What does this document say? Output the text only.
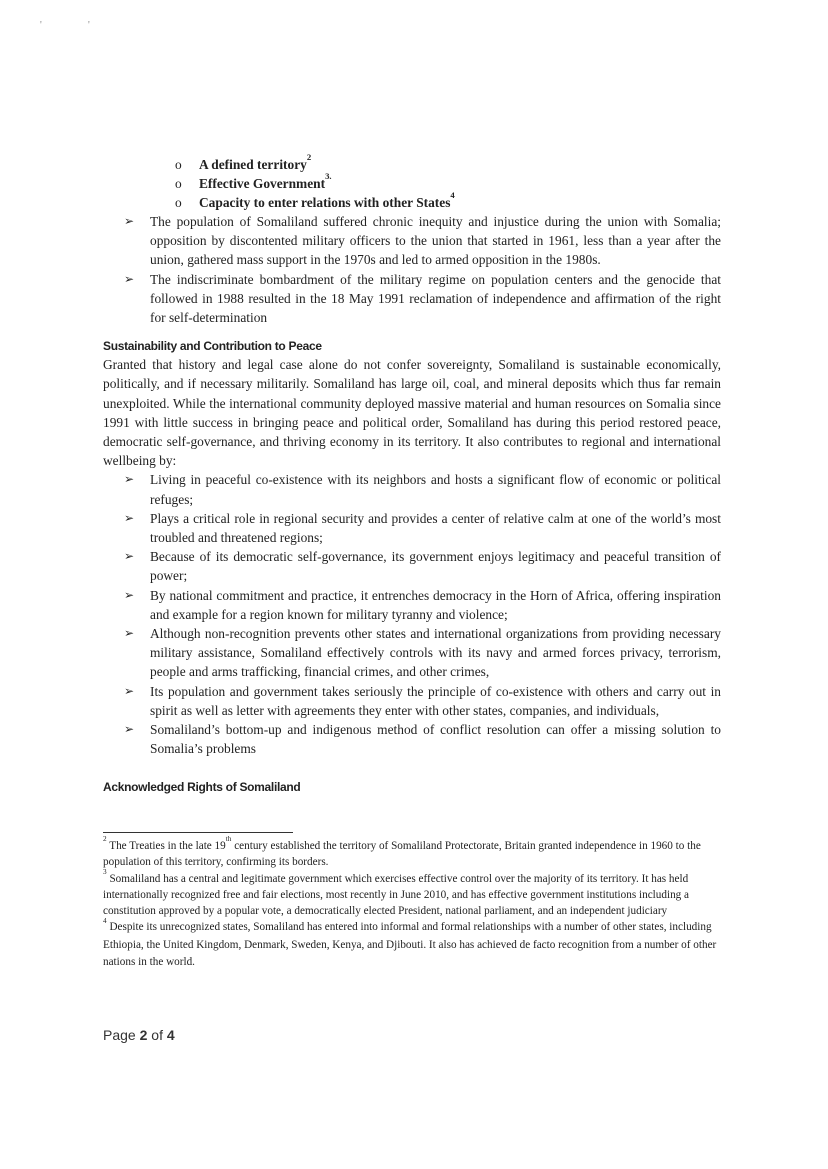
'	'
o A defined territory$^2$
o Effective Government$^{3.}$
o Capacity to enter relations with other States$^4$
➢ The population of Somaliland suffered chronic inequity and injustice during the union with Somalia; opposition by discontented military officers to the union that started in 1961, less than a year after the union, gathered mass support in the 1970s and led to armed opposition in the 1980s.
➢ The indiscriminate bombardment of the military regime on population centers and the genocide that followed in 1988 resulted in the 18 May 1991 reclamation of independence and affirmation of the right for self-determination
Sustainability and Contribution to Peace

Granted that history and legal case alone do not confer sovereignty, Somaliland is sustainable economically, politically, and if necessary militarily. Somaliland has large oil, coal, and mineral deposits which thus far remain unexploited. While the international community deployed massive material and human resources on Somalia since 1991 with little success in bringing peace and political order, Somaliland has during this period restored peace, democratic self-governance, and thriving economy in its territory. It also contributes to regional and international wellbeing by:

➢ Living in peaceful co-existence with its neighbors and hosts a significant flow of economic or political refuges;
➢ Plays a critical role in regional security and provides a center of relative calm at one of the world’s most troubled and threatened regions;
➢ Because of its democratic self-governance, its government enjoys legitimacy and peaceful transition of power;
➢ By national commitment and practice, it entrenches democracy in the Horn of Africa, offering inspiration and example for a region known for military tyranny and violence;
➢ Although non-recognition prevents other states and international organizations from providing necessary military assistance, Somaliland effectively controls with its navy and armed forces privacy, terrorism, people and arms trafficking, financial crimes, and other crimes,
➢ Its population and government takes seriously the principle of co-existence with others and carry out in spirit as well as letter with agreements they enter with other states, companies, and individuals,
➢ Somaliland’s bottom-up and indigenous method of conflict resolution can offer a missing solution to Somalia’s problems
Acknowledged Rights of Somaliland

$^2$ The Treaties in the late 19th century established the territory of Somaliland Protectorate, Britain granted independence in 1960 to the population of this territory, confirming its borders.

$^3$ Somaliland has a central and legitimate government which exercises effective control over the majority of its territory. It has held internationally recognized free and fair elections, most recently in June 2010, and has effective government institutions including a constitution approved by a popular vote, a democratically elected President, national parliament, and an independent judiciary

$^4$ Despite its unrecognized states, Somaliland has entered into informal and formal relationships with a number of other states, including Ethiopia, the United Kingdom, Denmark, Sweden, Kenya, and Djibouti. It also has achieved de facto recognition from a number of other nations in the world.

Page 2 of 4
